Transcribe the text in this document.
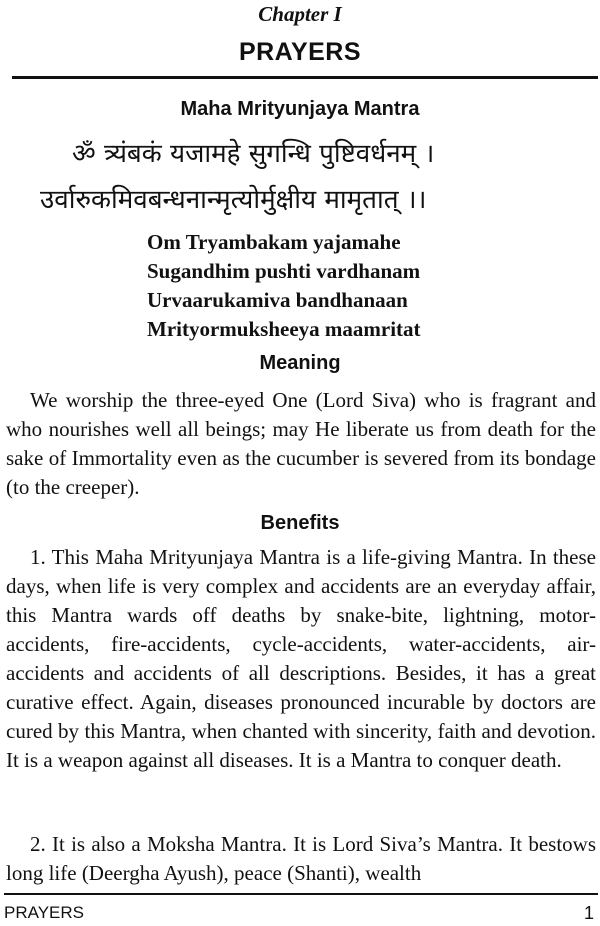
Chapter I
PRAYERS
Maha Mrityunjaya Mantra
ॐ त्र्यंबकं यजामहे सुगन्धि पुष्टिवर्धनम् ।
उर्वारुकमिवबन्धनान्मृत्योर्मुक्षीय मामृतात् ।।
Om Tryambakam yajamahe
Sugandhim pushti vardhanam
Urvaarukamiva bandhanaan
Mrityormuksheeya maamritat
Meaning
We worship the three-eyed One (Lord Siva) who is fragrant and who nourishes well all beings; may He liberate us from death for the sake of Immortality even as the cucumber is severed from its bondage (to the creeper).
Benefits
1. This Maha Mrityunjaya Mantra is a life-giving Mantra. In these days, when life is very complex and accidents are an everyday affair, this Mantra wards off deaths by snake-bite, lightning, motor-accidents, fire-accidents, cycle-accidents, water-accidents, air-accidents and accidents of all descriptions. Besides, it has a great curative effect. Again, diseases pronounced incurable by doctors are cured by this Mantra, when chanted with sincerity, faith and devotion. It is a weapon against all diseases. It is a Mantra to conquer death.
2. It is also a Moksha Mantra. It is Lord Siva’s Mantra. It bestows long life (Deergha Ayush), peace (Shanti), wealth
PRAYERS	1
